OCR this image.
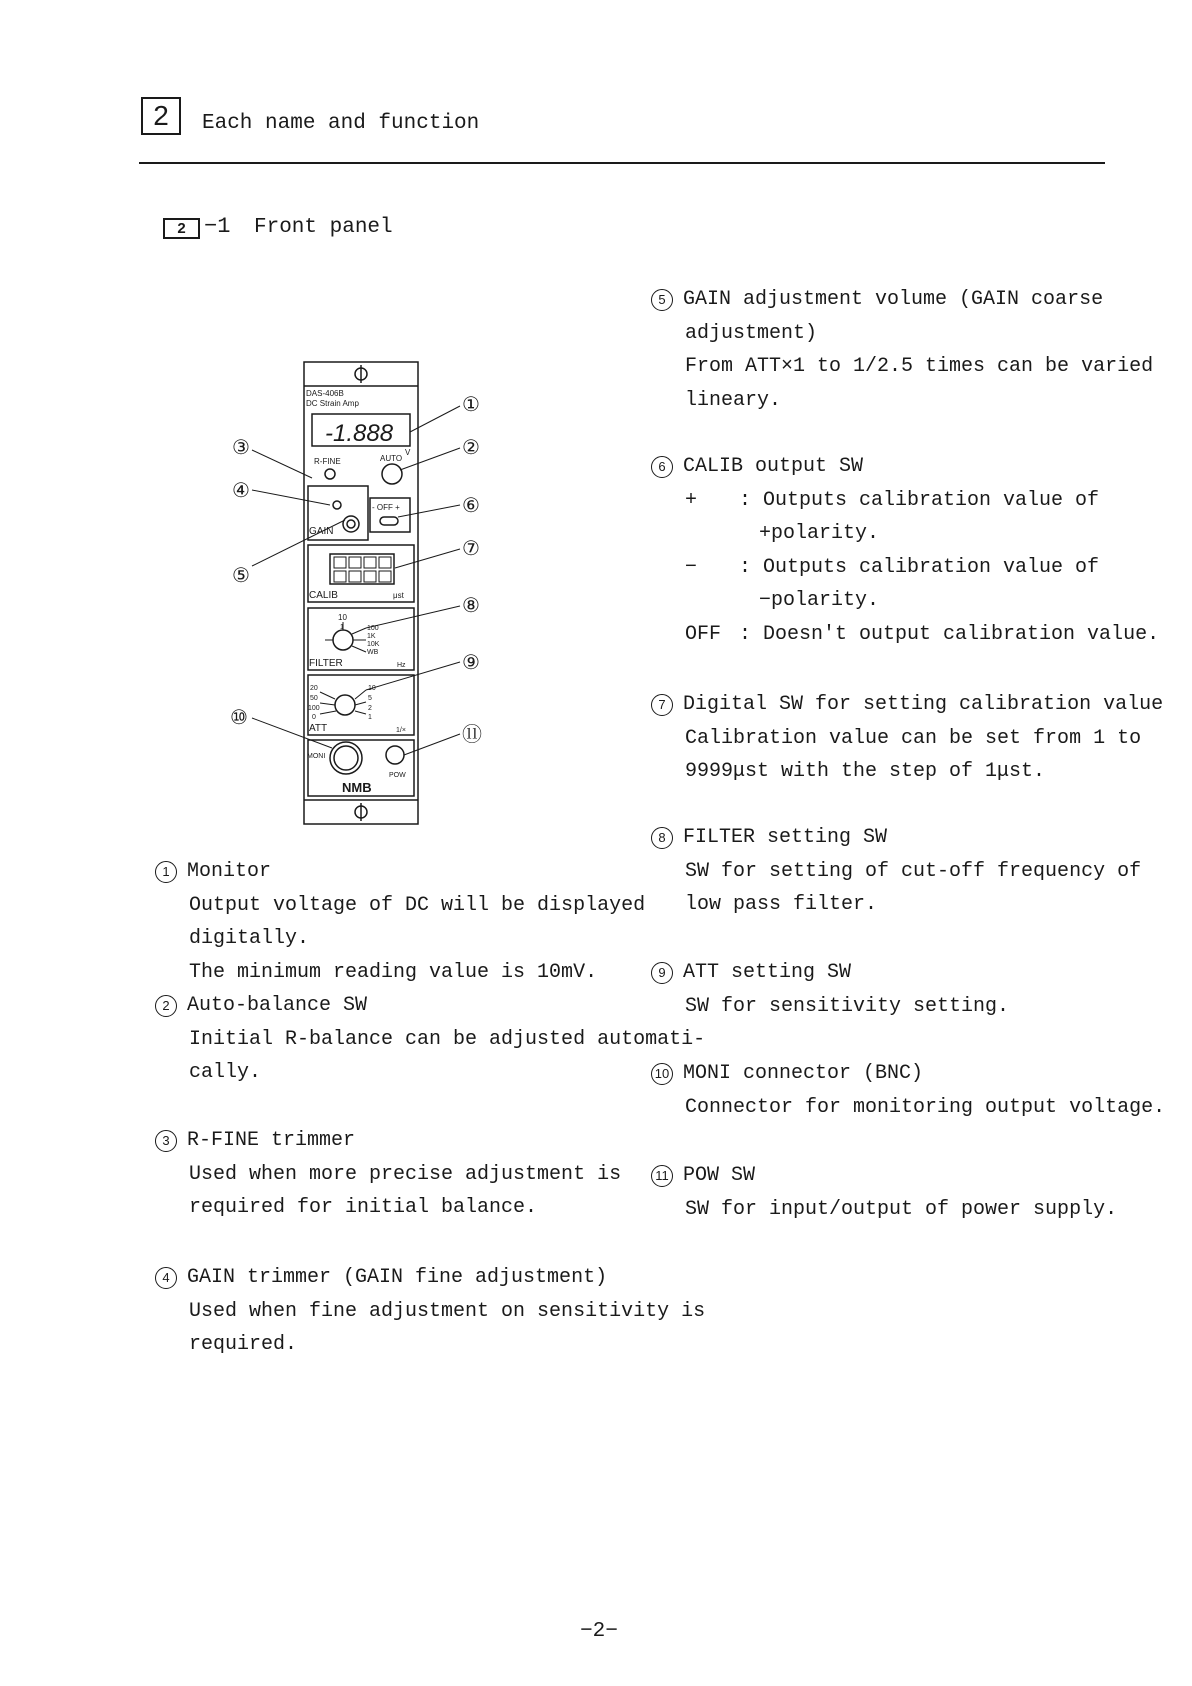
2	Each name and function
2 −1 Front panel
DAS-406B
DC Strain Amp
-1.888
V
R-FINE	AUTO
- OFF +
GAIN
CALIB	μst
10
1	100
1K
10K
WB
FILTER	Hz
20
50
100
0
10
5
2
1
ATT	1/×
MONI
POW
NMB
①
②
③
④
⑤
⑥
⑦
⑧
⑨
⑩
⑪
1 Monitor
Output voltage of DC will be displayed
digitally.
The minimum reading value is 10mV.
2 Auto-balance SW
Initial R-balance can be adjusted automati-
cally.
3 R-FINE trimmer
Used when more precise adjustment is
required for initial balance.
4 GAIN trimmer (GAIN fine adjustment)
Used when fine adjustment on sensitivity is
required.
5 GAIN adjustment volume (GAIN coarse
adjustment)
From ATT×1 to 1/2.5 times can be varied
lineary.
6 CALIB output SW
+	: Outputs calibration value of
+polarity.
−	: Outputs calibration value of
−polarity.
OFF : Doesn't output calibration value.
7 Digital SW for setting calibration value
Calibration value can be set from 1 to
9999μst with the step of 1μst.
8 FILTER setting SW
SW for setting of cut-off frequency of
low pass filter.
9 ATT setting SW
SW for sensitivity setting.
10 MONI connector (BNC)
Connector for monitoring output voltage.
11 POW SW
SW for input/output of power supply.
−2−
